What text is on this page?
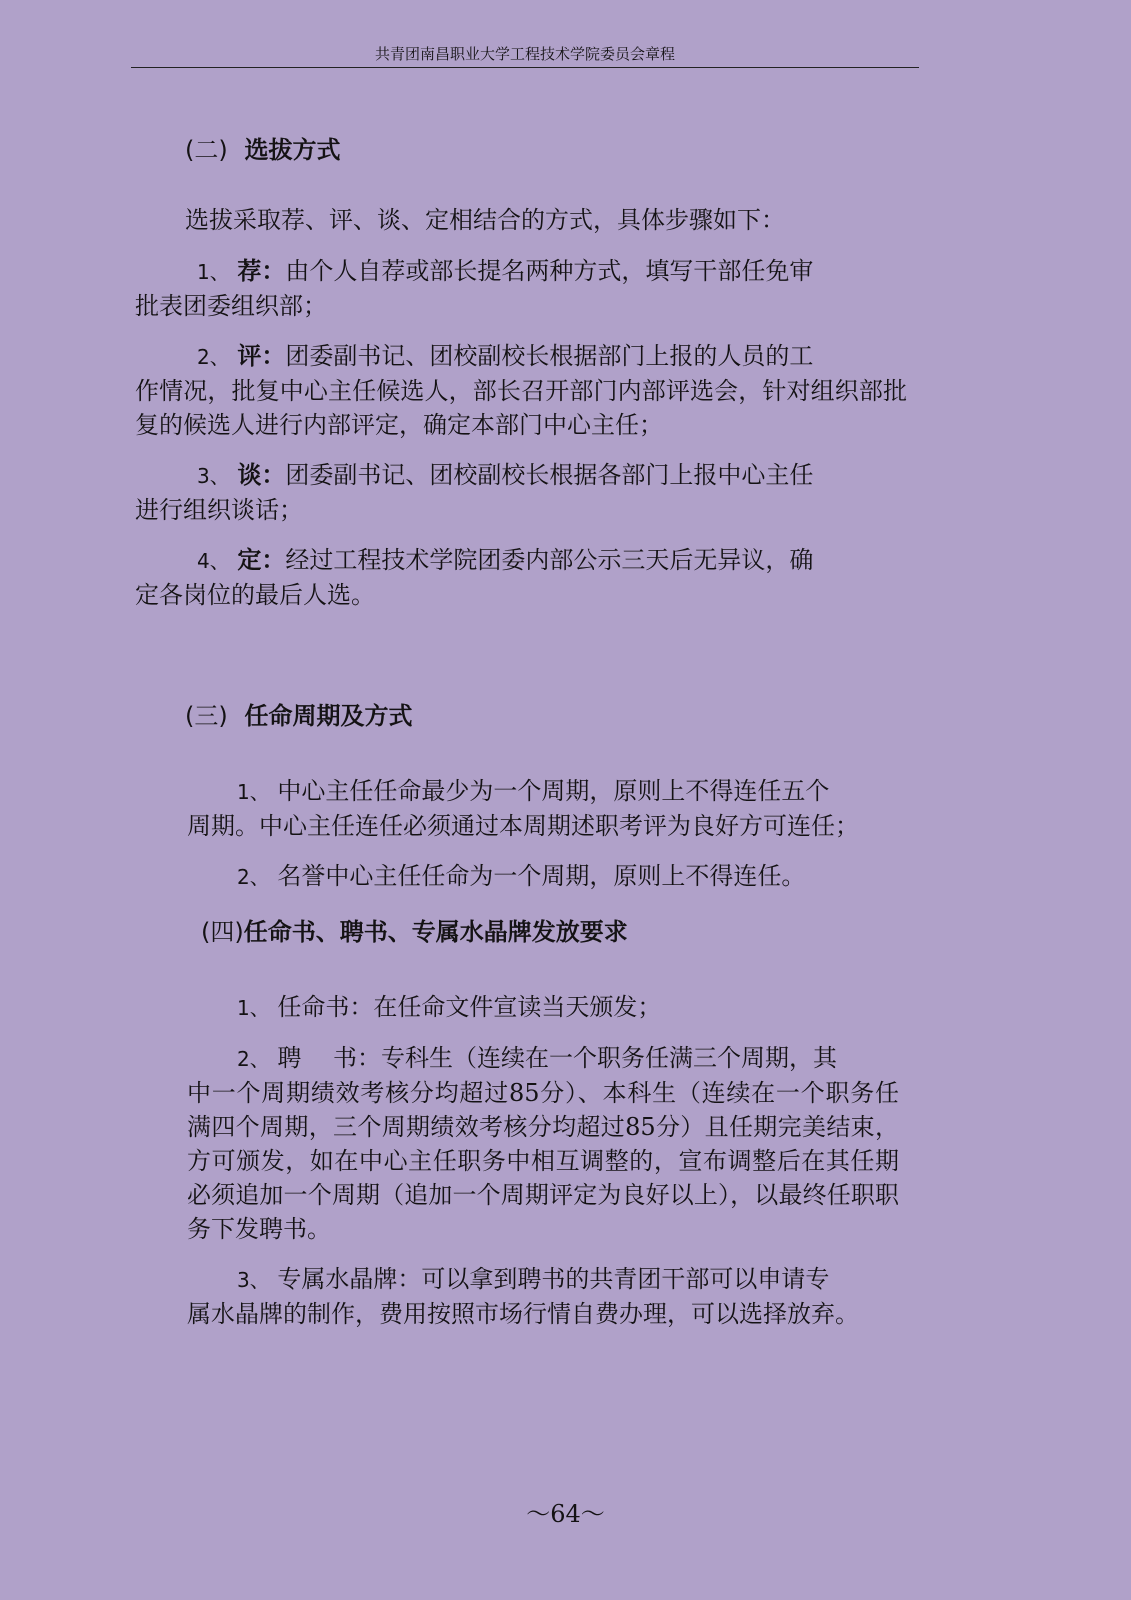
共青团南昌职业大学工程技术学院委员会章程
(二) 选拔方式
选拔采取荐、评、谈、定相结合的方式，具体步骤如下：
1、 荐：由个人自荐或部长提名两种方式，填写干部任免审
批表团委组织部；
2、 评：团委副书记、团校副校长根据部门上报的人员的工
作情况，批复中心主任候选人，部长召开部门内部评选会，针对组织部批复的候选人进行内部评定，确定本部门中心主任；
3、 谈：团委副书记、团校副校长根据各部门上报中心主任
进行组织谈话；
4、 定：经过工程技术学院团委内部公示三天后无异议，确
定各岗位的最后人选。
(三) 任命周期及方式
1、 中心主任任命最少为一个周期，原则上不得连任五个
周期。中心主任连任必须通过本周期述职考评为良好方可连任；
2、 名誉中心主任任命为一个周期，原则上不得连任。
(四)任命书、聘书、专属水晶牌发放要求
1、 任命书：在任命文件宣读当天颁发；
2、 聘　 书：专科生（连续在一个职务任满三个周期，其
中一个周期绩效考核分均超过85分）、本科生（连续在一个职务任满四个周期，三个周期绩效考核分均超过85分）且任期完美结束，方可颁发，如在中心主任职务中相互调整的，宣布调整后在其任期必须追加一个周期（追加一个周期评定为良好以上），以最终任职职务下发聘书。
3、 专属水晶牌：可以拿到聘书的共青团干部可以申请专
属水晶牌的制作，费用按照市场行情自费办理，可以选择放弃。
～64～
